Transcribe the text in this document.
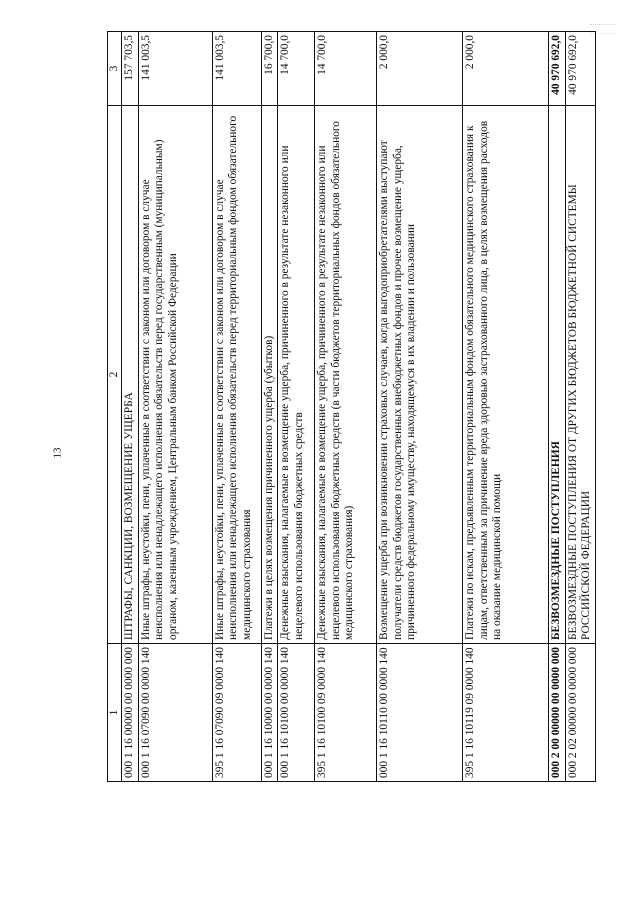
13
1	2	3
000 1 16 00000 00 0000 000	ШТРАФЫ, САНКЦИИ, ВОЗМЕЩЕНИЕ УЩЕРБА	157 703,5
000 1 16 07090 00 0000 140	Иные штрафы, неустойки, пени, уплаченные в соответствии с законом или договором в случае неисполнения или ненадлежащего исполнения обязательств перед государственным (муниципальным) органом, казенным учреждением, Центральным банком Российской Федерации	141 003,5
395 1 16 07090 09 0000 140	Иные штрафы, неустойки, пени, уплаченные в соответствии с законом или договором в случае неисполнения или ненадлежащего исполнения обязательств перед территориальным фондом обязательного медицинского страхования	141 003,5
000 1 16 10000 00 0000 140	Платежи в целях возмещения причиненного ущерба (убытков)	16 700,0
000 1 16 10100 00 0000 140	Денежные взыскания, налагаемые в возмещение ущерба, причиненного в результате незаконного или нецелевого использования бюджетных средств	14 700,0
395 1 16 10100 09 0000 140	Денежные взыскания, налагаемые в возмещение ущерба, причиненного в результате незаконного или нецелевого использования бюджетных средств (в части бюджетов территориальных фондов обязательного медицинского страхования)	14 700,0
000 1 16 10110 00 0000 140	Возмещение ущерба при возникновении страховых случаев, когда выгодоприобретателями выступают получатели средств бюджетов государственных внебюджетных фондов и прочее возмещение ущерба, причиненного федеральному имуществу, находящемуся в их владении и пользовании	2 000,0
395 1 16 10119 09 0000 140	Платежи по искам, предъявленным территориальным фондом обязательного медицинского страхования к лицам, ответственным за причинение вреда здоровью застрахованного лица, в целях возмещения расходов на оказание медицинской помощи	2 000,0
000 2 00 00000 00 0000 000	БЕЗВОЗМЕЗДНЫЕ ПОСТУПЛЕНИЯ	40 970 692,0
000 2 02 00000 00 0000 000	БЕЗВОЗМЕЗДНЫЕ ПОСТУПЛЕНИЯ ОТ ДРУГИХ БЮДЖЕТОВ БЮДЖЕТНОЙ СИСТЕМЫ РОССИЙСКОЙ ФЕДЕРАЦИИ	40 970 692,0
